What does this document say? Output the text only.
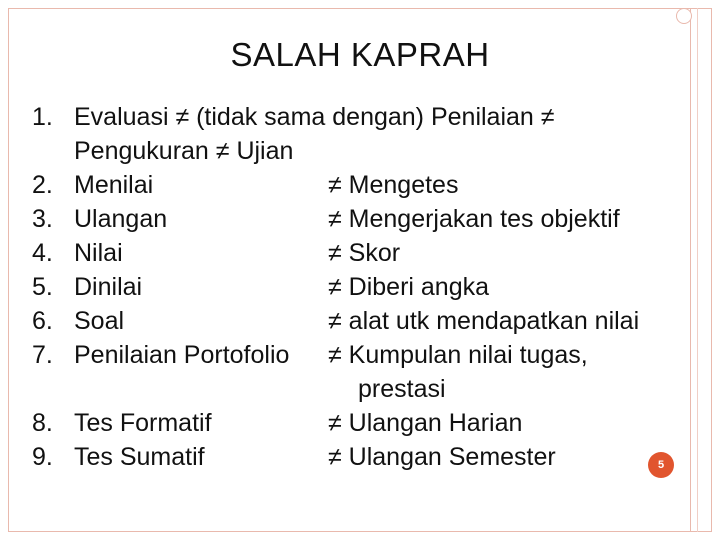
SALAH KAPRAH
1. Evaluasi ≠ (tidak sama dengan) Penilaian ≠
Pengukuran ≠ Ujian
2. Menilai	≠ Mengetes
3. Ulangan	≠ Mengerjakan tes objektif
4. Nilai	≠ Skor
5. Dinilai	≠ Diberi angka
6. Soal	≠ alat utk mendapatkan nilai
7. Penilaian Portofolio ≠ Kumpulan nilai tugas,
prestasi
8. Tes Formatif	≠ Ulangan Harian
9. Tes Sumatif	≠ Ulangan Semester	5
